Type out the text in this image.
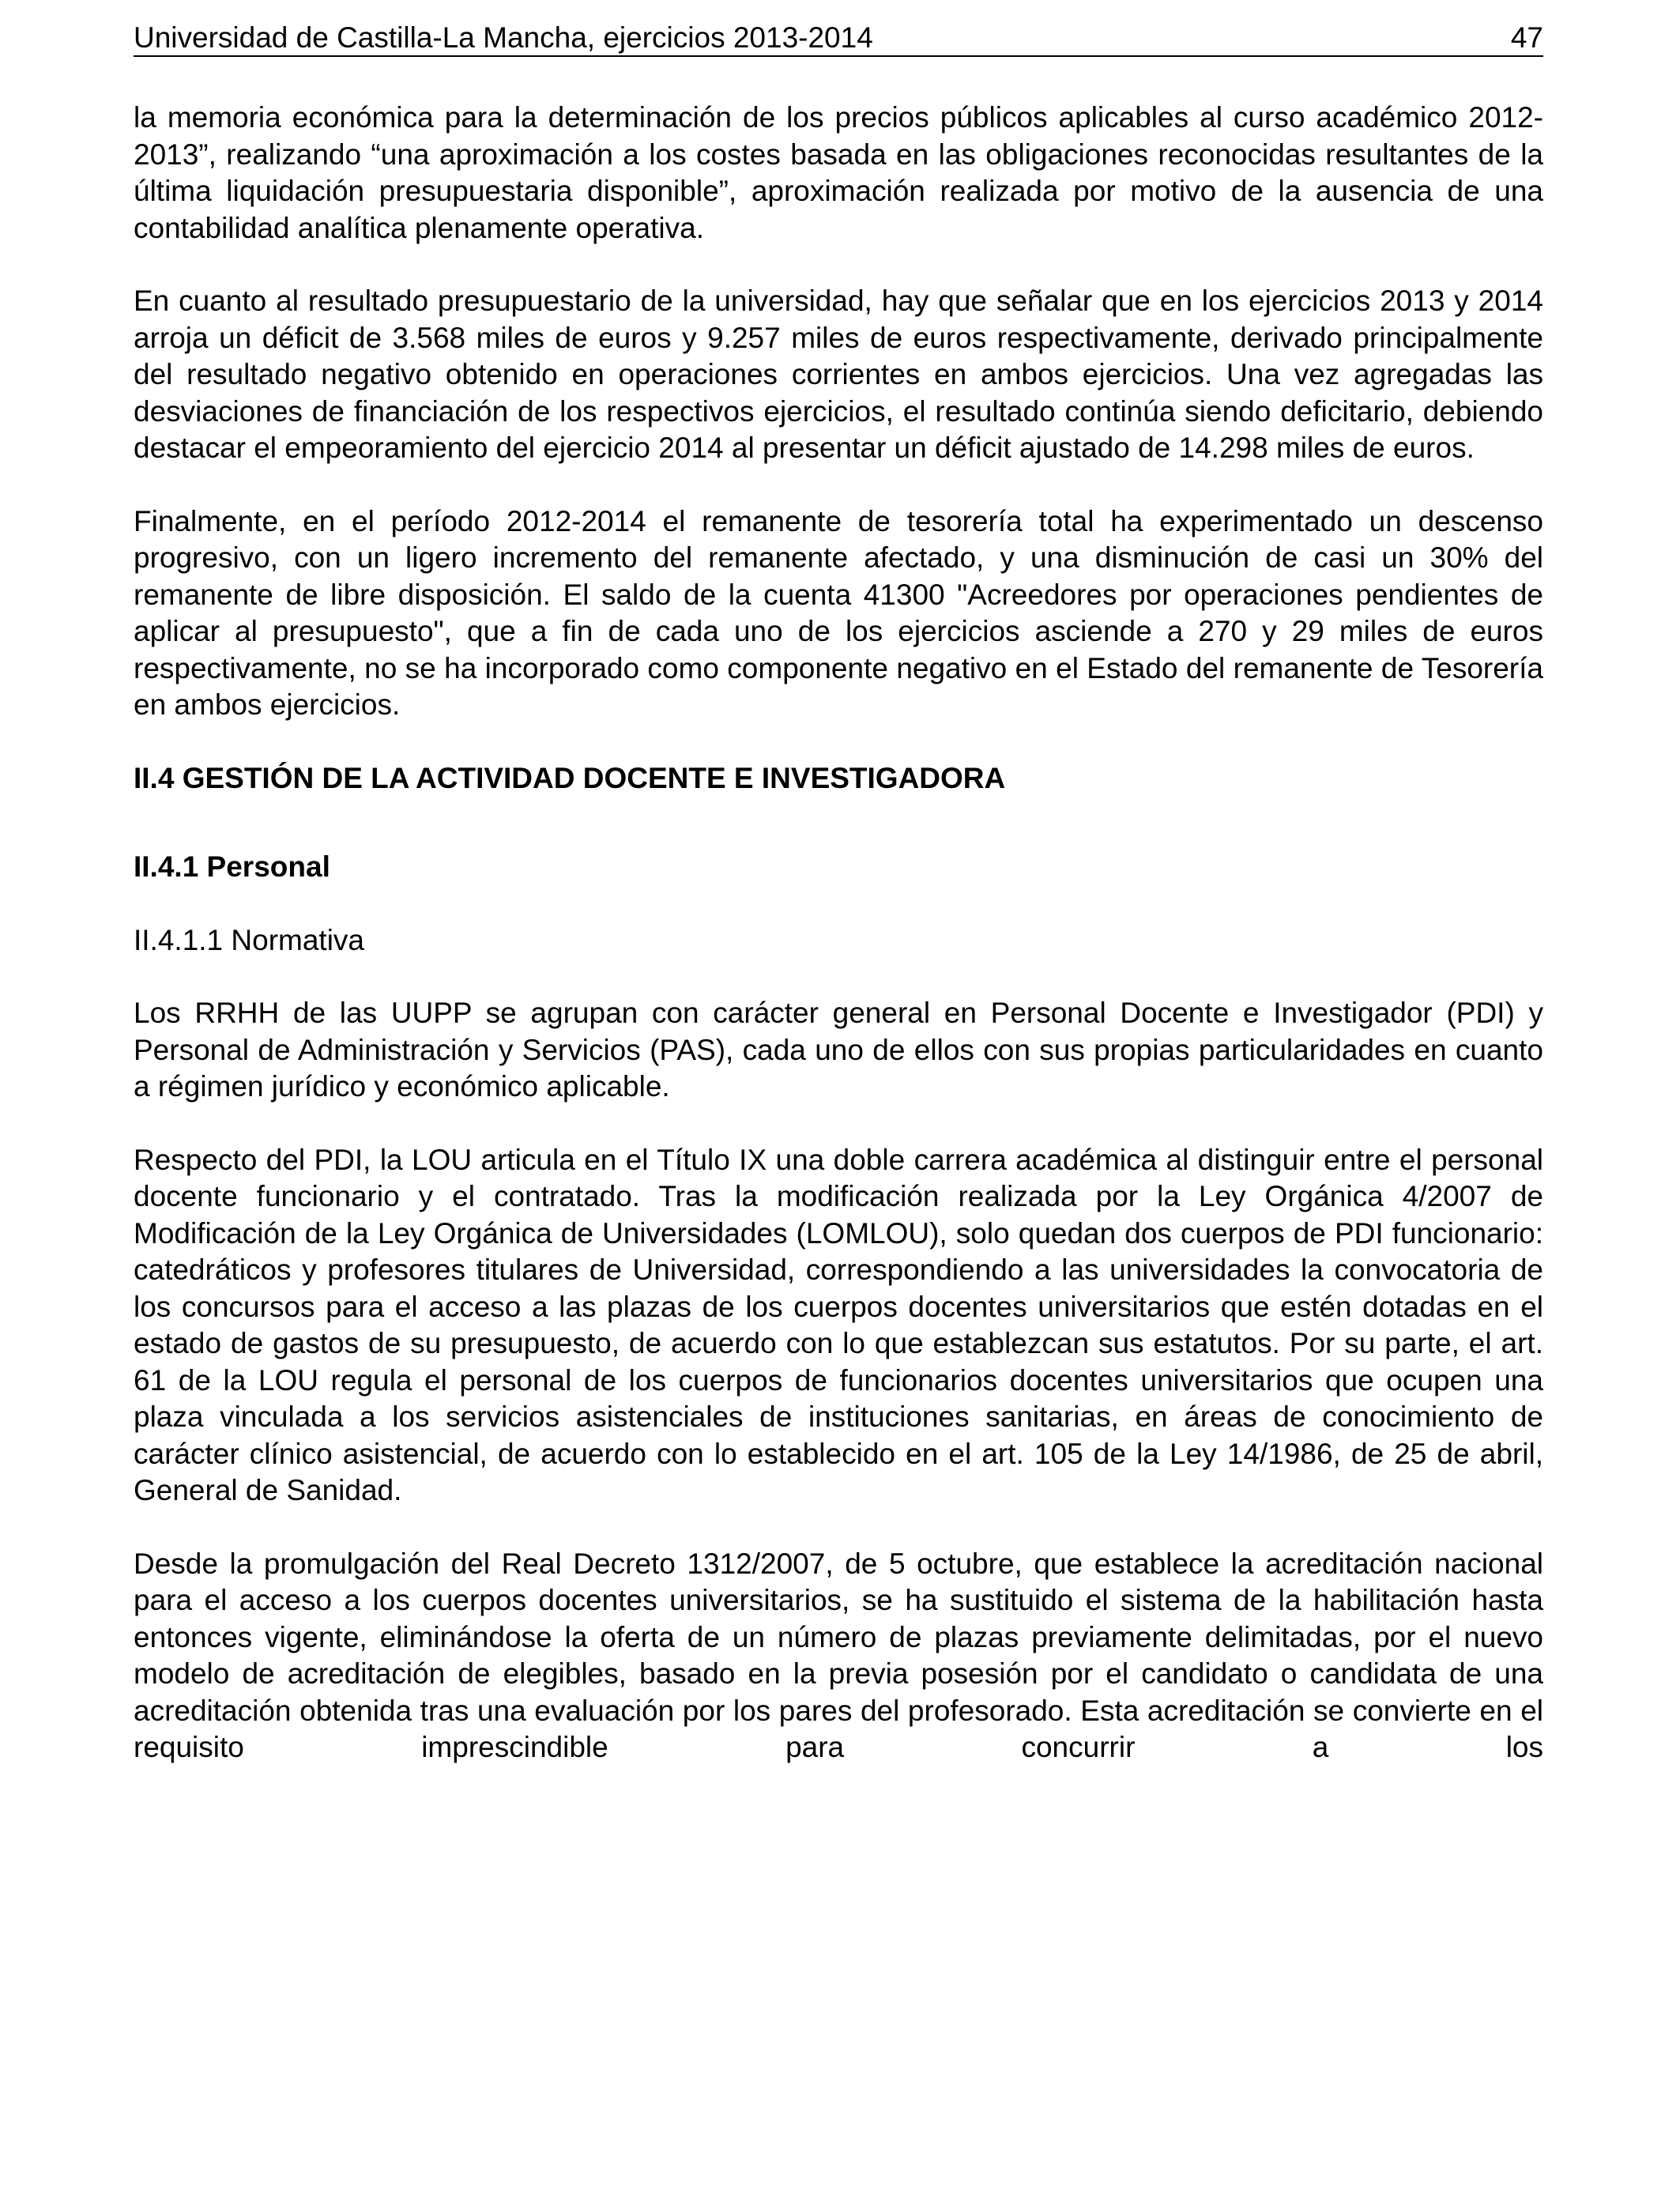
Universidad de Castilla-La Mancha, ejercicios 2013-2014	47

la memoria económica para la determinación de los precios públicos aplicables al curso académico 2012-2013”, realizando “una aproximación a los costes basada en las obligaciones reconocidas resultantes de la última liquidación presupuestaria disponible”, aproximación realizada por motivo de la ausencia de una contabilidad analítica plenamente operativa.

En cuanto al resultado presupuestario de la universidad, hay que señalar que en los ejercicios 2013 y 2014 arroja un déficit de 3.568 miles de euros y 9.257 miles de euros respectivamente, derivado principalmente del resultado negativo obtenido en operaciones corrientes en ambos ejercicios. Una vez agregadas las desviaciones de financiación de los respectivos ejercicios, el resultado continúa siendo deficitario, debiendo destacar el empeoramiento del ejercicio 2014 al presentar un déficit ajustado de 14.298 miles de euros.

Finalmente, en el período 2012-2014 el remanente de tesorería total ha experimentado un descenso progresivo, con un ligero incremento del remanente afectado, y una disminución de casi un 30% del remanente de libre disposición. El saldo de la cuenta 41300 "Acreedores por operaciones pendientes de aplicar al presupuesto", que a fin de cada uno de los ejercicios asciende a 270 y 29 miles de euros respectivamente, no se ha incorporado como componente negativo en el Estado del remanente de Tesorería en ambos ejercicios.

II.4 GESTIÓN DE LA ACTIVIDAD DOCENTE E INVESTIGADORA
II.4.1 Personal
II.4.1.1 Normativa

Los RRHH de las UUPP se agrupan con carácter general en Personal Docente e Investigador (PDI) y Personal de Administración y Servicios (PAS), cada uno de ellos con sus propias particularidades en cuanto a régimen jurídico y económico aplicable.

Respecto del PDI, la LOU articula en el Título IX una doble carrera académica al distinguir entre el personal docente funcionario y el contratado. Tras la modificación realizada por la Ley Orgánica 4/2007 de Modificación de la Ley Orgánica de Universidades (LOMLOU), solo quedan dos cuerpos de PDI funcionario: catedráticos y profesores titulares de Universidad, correspondiendo a las universidades la convocatoria de los concursos para el acceso a las plazas de los cuerpos docentes universitarios que estén dotadas en el estado de gastos de su presupuesto, de acuerdo con lo que establezcan sus estatutos. Por su parte, el art. 61 de la LOU regula el personal de los cuerpos de funcionarios docentes universitarios que ocupen una plaza vinculada a los servicios asistenciales de instituciones sanitarias, en áreas de conocimiento de carácter clínico asistencial, de acuerdo con lo establecido en el art. 105 de la Ley 14/1986, de 25 de abril, General de Sanidad.

Desde la promulgación del Real Decreto 1312/2007, de 5 octubre, que establece la acreditación nacional para el acceso a los cuerpos docentes universitarios, se ha sustituido el sistema de la habilitación hasta entonces vigente, eliminándose la oferta de un número de plazas previamente delimitadas, por el nuevo modelo de acreditación de elegibles, basado en la previa posesión por el candidato o candidata de una acreditación obtenida tras una evaluación por los pares del profesorado. Esta acreditación se convierte en el requisito imprescindible para concurrir a los
